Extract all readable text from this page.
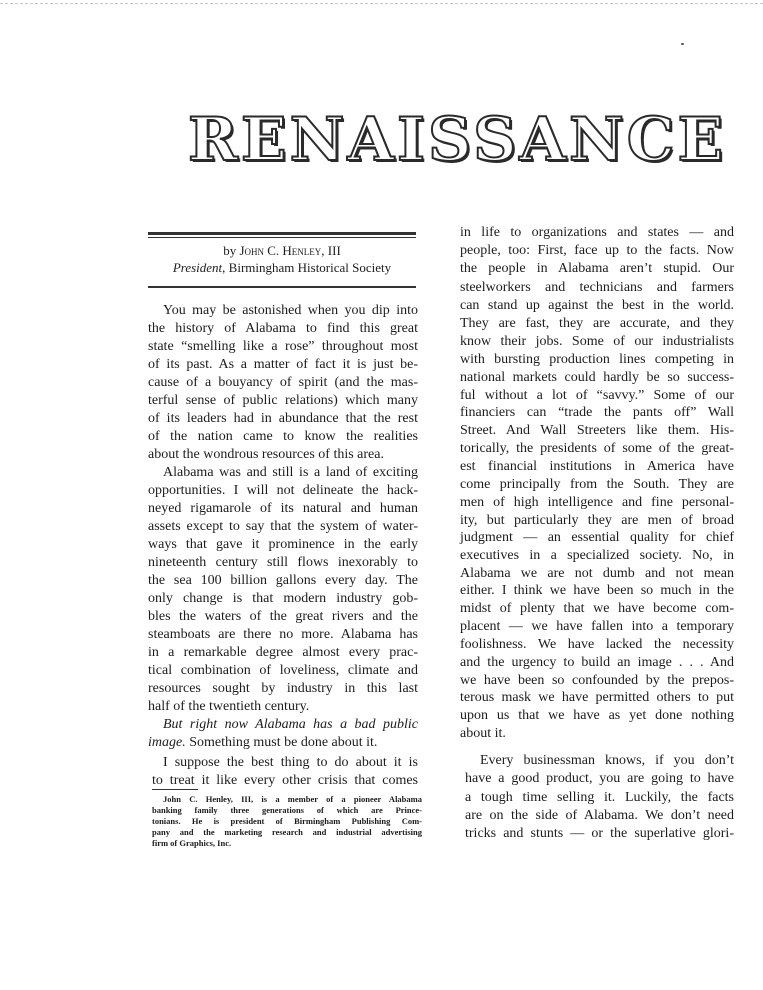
RENAISSANCE
by John C. Henley, III
President, Birmingham Historical Society
You may be astonished when you dip into
the history of Alabama to find this great
state “smelling like a rose” throughout most
of its past. As a matter of fact it is just be-
cause of a bouyancy of spirit (and the mas-
terful sense of public relations) which many
of its leaders had in abundance that the rest
of the nation came to know the realities
about the wondrous resources of this area.
Alabama was and still is a land of exciting
opportunities. I will not delineate the hack-
neyed rigamarole of its natural and human
assets except to say that the system of water-
ways that gave it prominence in the early
nineteenth century still flows inexorably to
the sea 100 billion gallons every day. The
only change is that modern industry gob-
bles the waters of the great rivers and the
steamboats are there no more. Alabama has
in a remarkable degree almost every prac-
tical combination of loveliness, climate and
resources sought by industry in this last
half of the twentieth century.
But right now Alabama has a bad public
image. Something must be done about it.
I suppose the best thing to do about it is
to treat it like every other crisis that comes
John C. Henley, III, is a member of a pioneer Alabama
banking family three generations of which are Prince-
tonians. He is president of Birmingham Publishing Com-
pany and the marketing research and industrial advertising
firm of Graphics, Inc.
in life to organizations and states — and
people, too: First, face up to the facts. Now
the people in Alabama aren’t stupid. Our
steelworkers and technicians and farmers
can stand up against the best in the world.
They are fast, they are accurate, and they
know their jobs. Some of our industrialists
with bursting production lines competing in
national markets could hardly be so success-
ful without a lot of “savvy.” Some of our
financiers can “trade the pants off” Wall
Street. And Wall Streeters like them. His-
torically, the presidents of some of the great-
est financial institutions in America have
come principally from the South. They are
men of high intelligence and fine personal-
ity, but particularly they are men of broad
judgment — an essential quality for chief
executives in a specialized society. No, in
Alabama we are not dumb and not mean
either. I think we have been so much in the
midst of plenty that we have become com-
placent — we have fallen into a temporary
foolishness. We have lacked the necessity
and the urgency to build an image . . . And
we have been so confounded by the prepos-
terous mask we have permitted others to put
upon us that we have as yet done nothing
about it.
Every businessman knows, if you don’t
have a good product, you are going to have
a tough time selling it. Luckily, the facts
are on the side of Alabama. We don’t need
tricks and stunts — or the superlative glori-
